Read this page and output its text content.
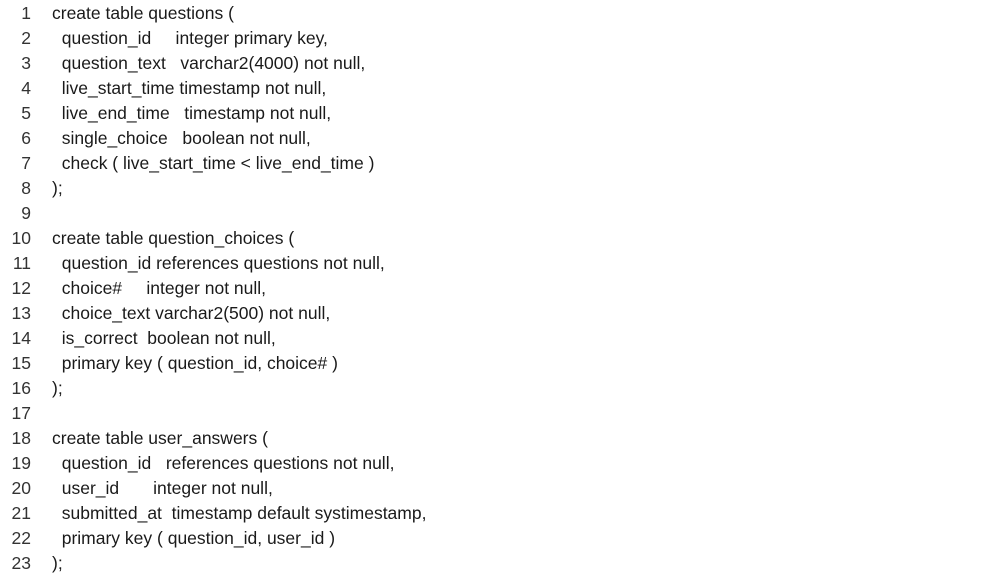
1	create table questions (
2	question_id     integer primary key,
3	question_text   varchar2(4000) not null,
4	live_start_time timestamp not null,
5	live_end_time   timestamp not null,
6	single_choice   boolean not null,
7	check ( live_start_time < live_end_time )
8	);
9
10	create table question_choices (
11	question_id references questions not null,
12	choice#     integer not null,
13	choice_text varchar2(500) not null,
14	is_correct  boolean not null,
15	primary key ( question_id, choice# )
16	);
17
18	create table user_answers (
19	question_id   references questions not null,
20	user_id       integer not null,
21	submitted_at  timestamp default systimestamp,
22	primary key ( question_id, user_id )
23	);
